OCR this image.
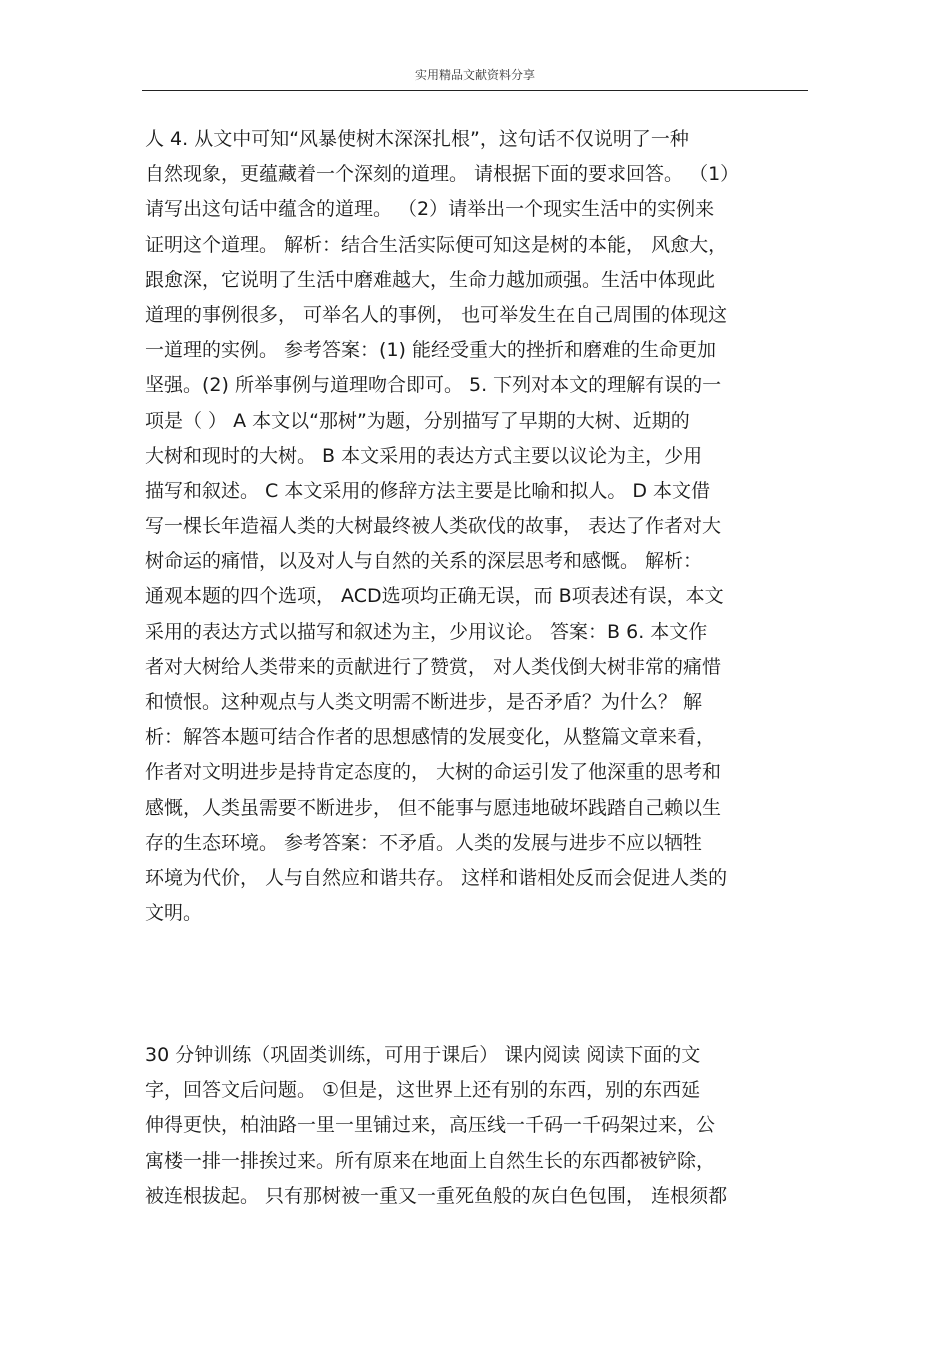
实用精品文献资料分享
人 4. 从文中可知“风暴使树木深深扎根”，这句话不仅说明了一种
自然现象，更蕴藏着一个深刻的道理。 请根据下面的要求回答。 （1）
请写出这句话中蕴含的道理。 （2）请举出一个现实生活中的实例来
证明这个道理。 解析：结合生活实际便可知这是树的本能， 风愈大，
跟愈深，它说明了生活中磨难越大，生命力越加顽强。生活中体现此
道理的事例很多， 可举名人的事例， 也可举发生在自己周围的体现这
一道理的实例。 参考答案：(1) 能经受重大的挫折和磨难的生命更加
坚强。(2) 所举事例与道理吻合即可。 5. 下列对本文的理解有误的一
项是（ ） A 本文以“那树”为题，分别描写了早期的大树、近期的
大树和现时的大树。 B 本文采用的表达方式主要以议论为主，少用
描写和叙述。 C 本文采用的修辞方法主要是比喻和拟人。 D 本文借
写一棵长年造福人类的大树最终被人类砍伐的故事， 表达了作者对大
树命运的痛惜，以及对人与自然的关系的深层思考和感慨。 解析：
通观本题的四个选项， ACD选项均正确无误，而 B项表述有误，本文
采用的表达方式以描写和叙述为主，少用议论。 答案：B 6. 本文作
者对大树给人类带来的贡献进行了赞赏， 对人类伐倒大树非常的痛惜
和愤恨。这种观点与人类文明需不断进步，是否矛盾？为什么？ 解
析：解答本题可结合作者的思想感情的发展变化，从整篇文章来看，
作者对文明进步是持肯定态度的， 大树的命运引发了他深重的思考和
感慨，人类虽需要不断进步， 但不能事与愿违地破坏践踏自己赖以生
存的生态环境。 参考答案：不矛盾。人类的发展与进步不应以牺牲
环境为代价， 人与自然应和谐共存。 这样和谐相处反而会促进人类的
文明。
30 分钟训练（巩固类训练，可用于课后） 课内阅读 阅读下面的文
字，回答文后问题。 ①但是，这世界上还有别的东西，别的东西延
伸得更快，柏油路一里一里铺过来，高压线一千码一千码架过来，公
寓楼一排一排挨过来。所有原来在地面上自然生长的东西都被铲除，
被连根拔起。 只有那树被一重又一重死鱼般的灰白色包围， 连根须都
